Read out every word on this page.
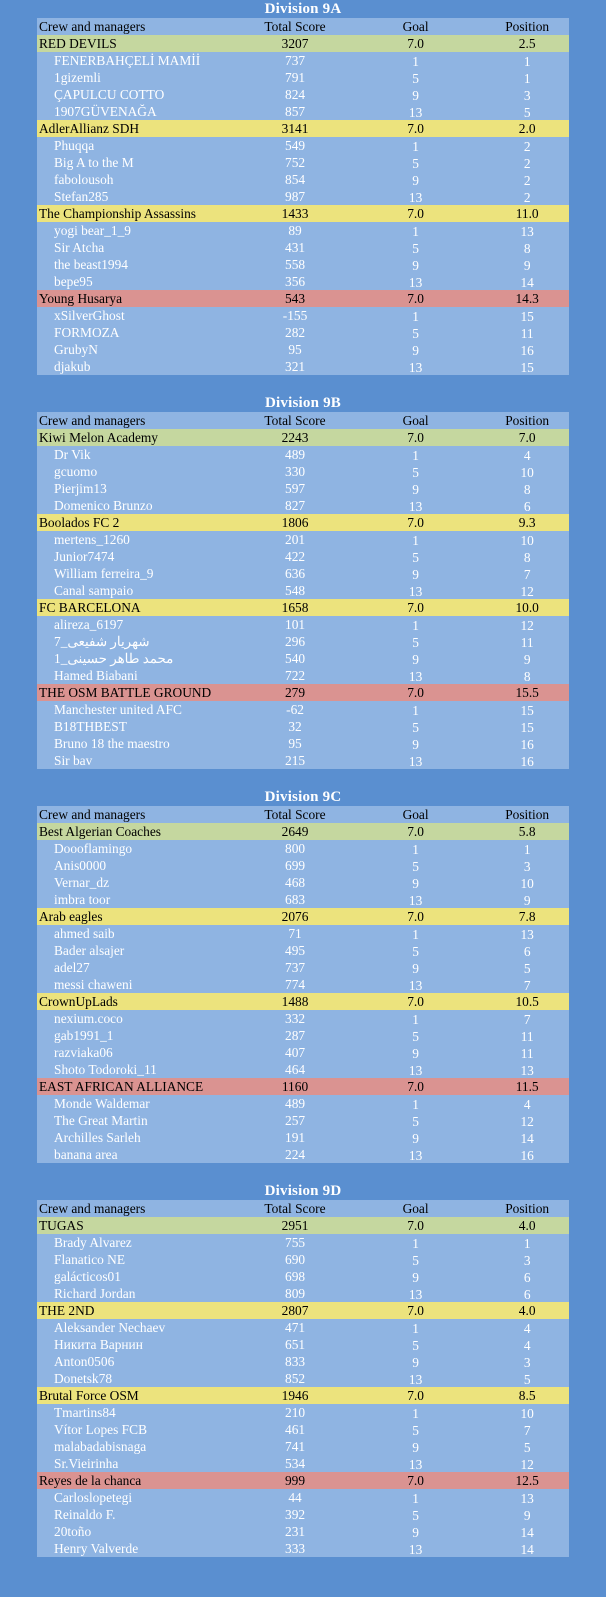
Division 9A
Crew and managers	Total Score	Goal	Position
RED DEVILS	3207	7.0	2.5
FENERBAHÇELİ MAMİİ	737	1	1
1gizemli	791	5	1
ÇAPULCU COTTO	824	9	3
1907GÜVENAĞA	857	13	5
AdlerAllianz SDH	3141	7.0	2.0
Phuqqa	549	1	2
Big A to the M	752	5	2
fabolousoh	854	9	2
Stefan285	987	13	2
The Championship Assassins	1433	7.0	11.0
yogi bear_1_9	89	1	13
Sir Atcha	431	5	8
the beast1994	558	9	9
bepe95	356	13	14
Young Husarya	543	7.0	14.3
xSilverGhost	-155	1	15
FORMOZA	282	5	11
GrubyN	95	9	16
djakub	321	13	15
Division 9B
Crew and managers	Total Score	Goal	Position
Kiwi Melon Academy	2243	7.0	7.0
Dr Vik	489	1	4
gcuomo	330	5	10
Pierjim13	597	9	8
Domenico Brunzo	827	13	6
Boolados FC 2	1806	7.0	9.3
mertens_1260	201	1	10
Junior7474	422	5	8
William ferreira_9	636	9	7
Canal sampaio	548	13	12
FC BARCELONA	1658	7.0	10.0
alireza_6197	101	1	12
شهریار شفیعی_7	296	5	11
محمد طاهر حسینی_1	540	9	9
Hamed Biabani	722	13	8
THE OSM BATTLE GROUND	279	7.0	15.5
Manchester united AFC	-62	1	15
B18THBEST	32	5	15
Bruno 18 the maestro	95	9	16
Sir bav	215	13	16
Division 9C
Crew and managers	Total Score	Goal	Position
Best Algerian Coaches	2649	7.0	5.8
Doooflamingo	800	1	1
Anis0000	699	5	3
Vernar_dz	468	9	10
imbra toor	683	13	9
Arab eagles	2076	7.0	7.8
ahmed saib	71	1	13
Bader alsajer	495	5	6
adel27	737	9	5
messi chaweni	774	13	7
CrownUpLads	1488	7.0	10.5
nexium.coco	332	1	7
gab1991_1	287	5	11
razviaka06	407	9	11
Shoto Todoroki_11	464	13	13
EAST AFRICAN ALLIANCE	1160	7.0	11.5
Monde Waldemar	489	1	4
The Great Martin	257	5	12
Archilles Sarleh	191	9	14
banana area	224	13	16
Division 9D
Crew and managers	Total Score	Goal	Position
TUGAS	2951	7.0	4.0
Brady Alvarez	755	1	1
Flanatico NE	690	5	3
galácticos01	698	9	6
Richard Jordan	809	13	6
THE 2ND	2807	7.0	4.0
Aleksander Nechaev	471	1	4
Никита Варнин	651	5	4
Anton0506	833	9	3
Donetsk78	852	13	5
Brutal Force OSM	1946	7.0	8.5
Tmartins84	210	1	10
Vítor Lopes FCB	461	5	7
malabadabisnaga	741	9	5
Sr.Vieirinha	534	13	12
Reyes de la chanca	999	7.0	12.5
Carloslopetegi	44	1	13
Reinaldo F.	392	5	9
20toño	231	9	14
Henry Valverde	333	13	14
